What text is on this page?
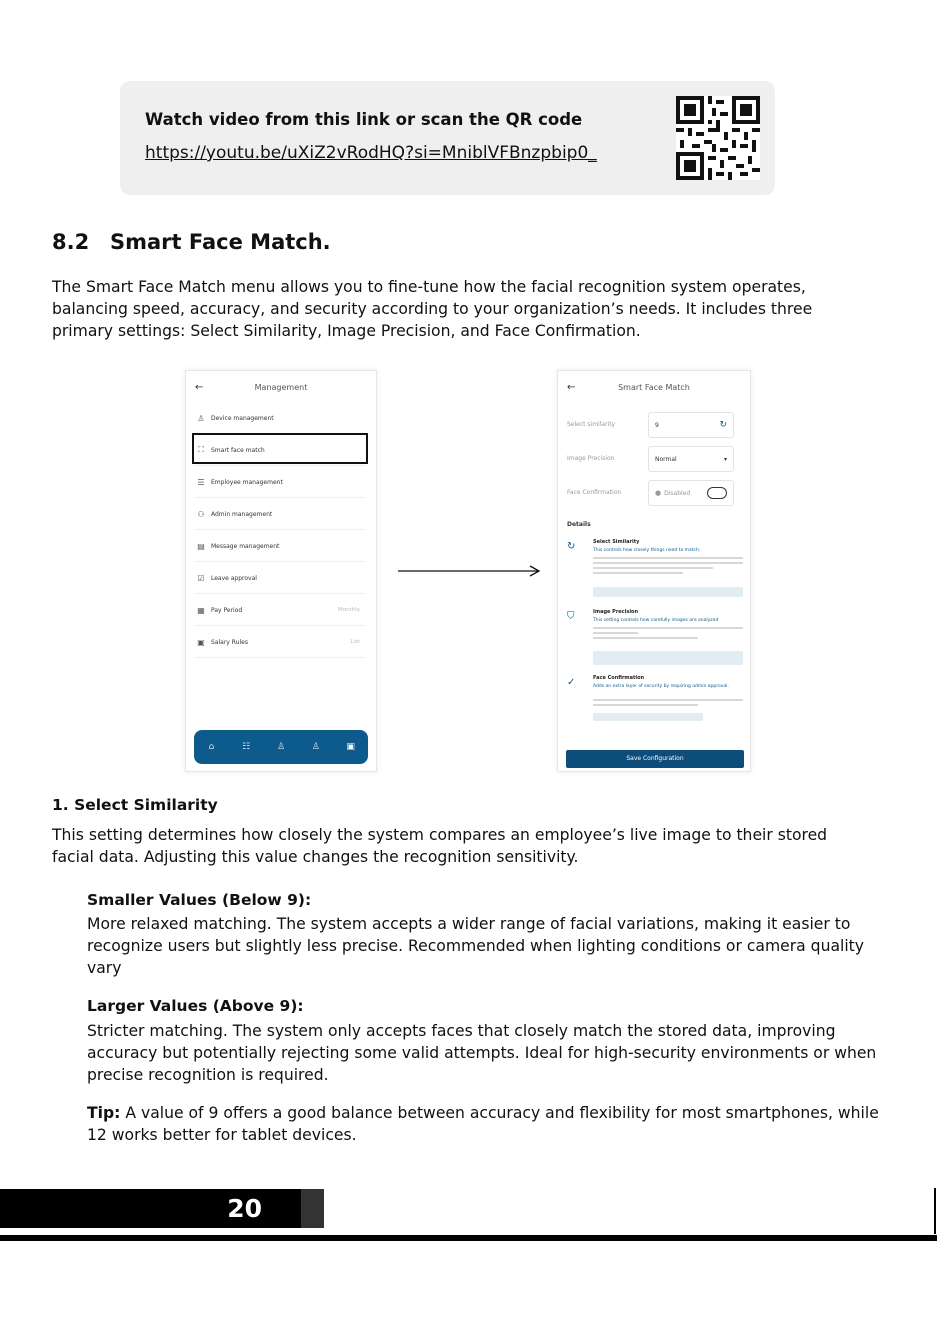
Watch video from this link or scan the QR code
https://youtu.be/uXiZ2vRodHQ?si=MniblVFBnzpbip0_
8.2 Smart Face Match.
The Smart Face Match menu allows you to fine-tune how the facial recognition system operates, balancing speed, accuracy, and security according to your organization’s needs. It includes three primary settings: Select Similarity, Image Precision, and Face Confirmation.
←	Management
♙	Device management
⛶	Smart face match
☰	Employee management
⚇	Admin management
▤	Message management
☑	Leave approval
▦	Pay Period	Monthly
▣	Salary Rules	List
⌂	☷	♙	♙	▣
←	Smart Face Match
Select similarity	9	↻
Image Precision	Normal	▾
Face Confirmation	● Disabled
Details
↻	Select Similarity
This controls how closely things need to match.
⛉	Image Precision
This setting controls how carefully images are analyzed
✓	Face Confirmation
Adds an extra layer of security by requiring admin approval.
Save Configuration
1. Select Similarity
This setting determines how closely the system compares an employee’s live image to their stored facial data. Adjusting this value changes the recognition sensitivity.
Smaller Values (Below 9):
More relaxed matching. The system accepts a wider range of facial variations, making it easier to recognize users but slightly less precise. Recommended when lighting conditions or camera quality vary
Larger Values (Above 9):
Stricter matching. The system only accepts faces that closely match the stored data, improving accuracy but potentially rejecting some valid attempts. Ideal for high-security environments or when precise recognition is required.
Tip: A value of 9 offers a good balance between accuracy and flexibility for most smartphones, while 12 works better for tablet devices.
20
